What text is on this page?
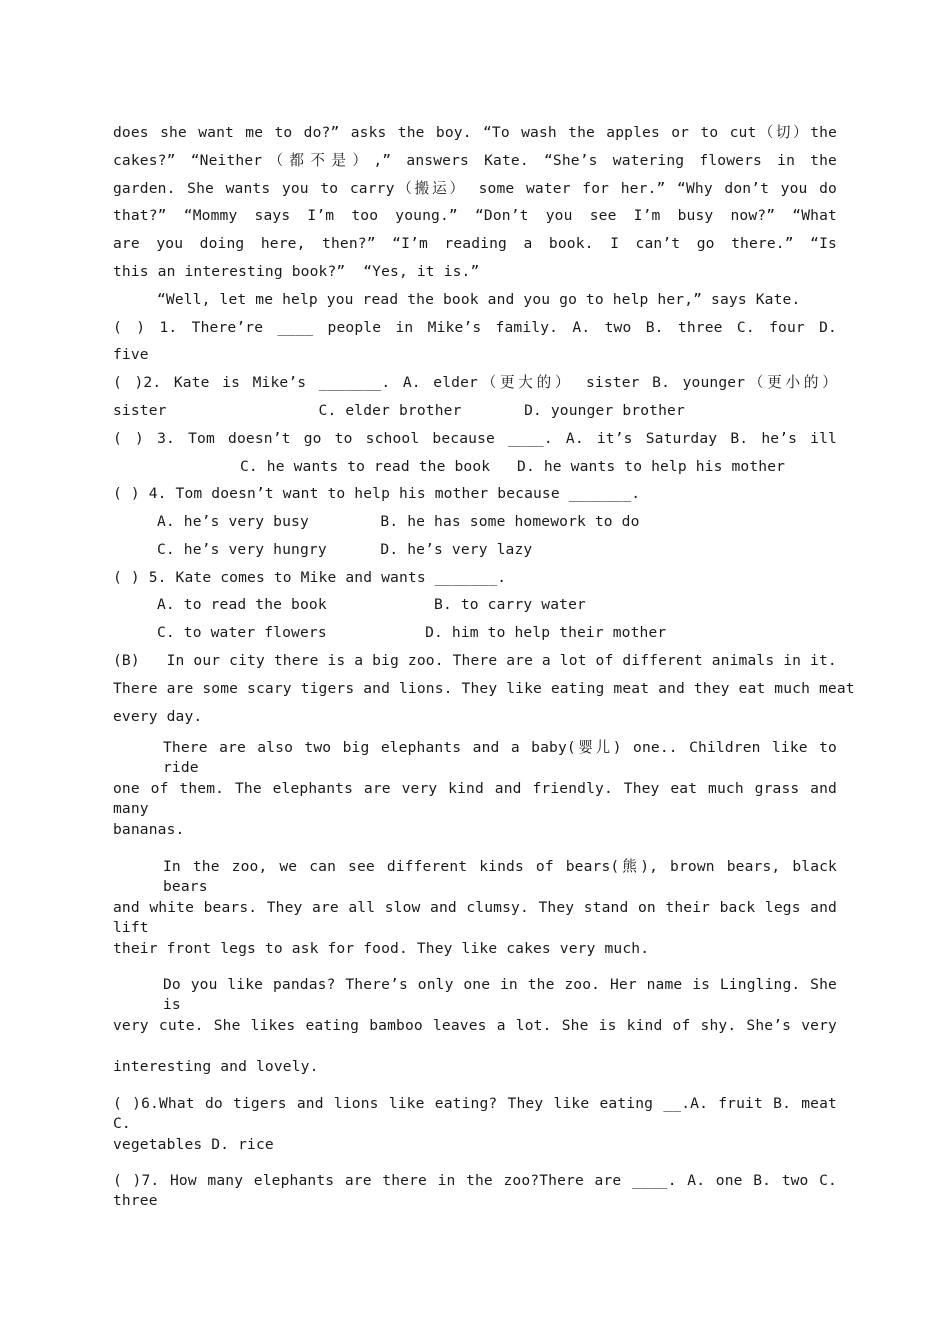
does she want me to do?” asks the boy. “To wash the apples or to cut（切）the
cakes?” “Neither（都不是）,” answers Kate. “She’s watering flowers in the
garden. She wants you to carry（搬运） some water for her.” “Why don’t you do
that?” “Mommy says I’m too young.” “Don’t you see I’m busy now?” “What
are you doing here, then?” “I’m reading a book. I can’t go there.” “Is
this an interesting book?”  “Yes, it is.”
“Well, let me help you read the book and you go to help her,” says Kate.
( ) 1. There’re ____ people in Mike’s family. A. two B. three C. four D.
five
( )2. Kate is Mike’s _______. A. elder（更大的） sister B. younger（更小的）
sister                 C. elder brother       D. younger brother
( ) 3. Tom doesn’t go to school because ____. A. it’s Saturday B. he’s ill
C. he wants to read the book   D. he wants to help his mother
( ) 4. Tom doesn’t want to help his mother because _______.
A. he’s very busy        B. he has some homework to do
C. he’s very hungry      D. he’s very lazy
( ) 5. Kate comes to Mike and wants _______.
A. to read the book            B. to carry water
C. to water flowers           D. him to help their mother
(B)   In our city there is a big zoo. There are a lot of different animals in it.
There are some scary tigers and lions. They like eating meat and they eat much meat
every day.
There are also two big elephants and a baby(婴儿) one.. Children like to ride
one of them. The elephants are very kind and friendly. They eat much grass and many
bananas.
In the zoo, we can see different kinds of bears(熊), brown bears, black bears
and white bears. They are all slow and clumsy. They stand on their back legs and lift
their front legs to ask for food. They like cakes very much.
Do you like pandas? There’s only one in the zoo. Her name is Lingling. She is
very cute. She likes eating bamboo leaves a lot. She is kind of shy. She’s very
interesting and lovely.
( )6.What do tigers and lions like eating? They like eating __.A. fruit B. meat C.
vegetables D. rice
( )7. How many elephants are there in the zoo?There are ____. A. one B. two C. three
